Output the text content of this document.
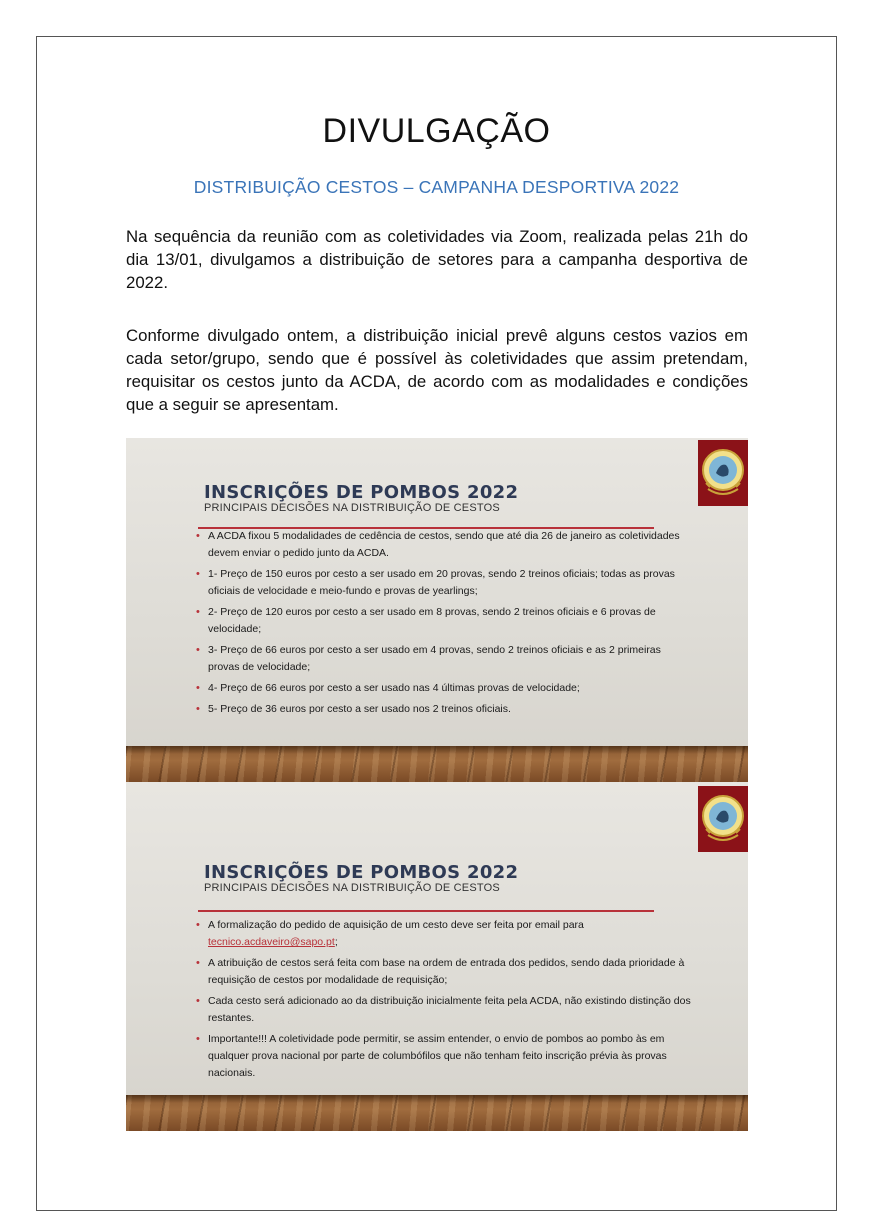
DIVULGAÇÃO
DISTRIBUIÇÃO CESTOS – CAMPANHA DESPORTIVA 2022
Na sequência da reunião com as coletividades via Zoom, realizada pelas 21h do dia 13/01, divulgamos a distribuição de setores para a campanha desportiva de 2022.
Conforme divulgado ontem, a distribuição inicial prevê alguns cestos vazios em cada setor/grupo, sendo que é possível às coletividades que assim pretendam, requisitar os cestos junto da ACDA, de acordo com as modalidades e condições que a seguir se apresentam.
INSCRIÇÕES DE POMBOS 2022
PRINCIPAIS DECISÕES NA DISTRIBUIÇÃO DE CESTOS
• A ACDA fixou 5 modalidades de cedência de cestos, sendo que até dia 26 de janeiro as coletividades devem enviar o pedido junto da ACDA.
• 1- Preço de 150 euros por cesto a ser usado em 20 provas, sendo 2 treinos oficiais; todas as provas oficiais de velocidade e meio-fundo e provas de yearlings;
• 2- Preço de 120 euros por cesto a ser usado em 8 provas, sendo 2 treinos oficiais e 6 provas de velocidade;
• 3- Preço de 66 euros por cesto a ser usado em 4 provas, sendo 2 treinos oficiais e as 2 primeiras provas de velocidade;
• 4- Preço de 66 euros por cesto a ser usado nas 4 últimas provas de velocidade;
• 5- Preço de 36 euros por cesto a ser usado nos 2 treinos oficiais.
INSCRIÇÕES DE POMBOS 2022
PRINCIPAIS DECISÕES NA DISTRIBUIÇÃO DE CESTOS
• A formalização do pedido de aquisição de um cesto deve ser feita por email para tecnico.acdaveiro@sapo.pt;
• A atribuição de cestos será feita com base na ordem de entrada dos pedidos, sendo dada prioridade à requisição de cestos por modalidade de requisição;
• Cada cesto será adicionado ao da distribuição inicialmente feita pela ACDA, não existindo distinção dos restantes.
• Importante!!! A coletividade pode permitir, se assim entender, o envio de pombos ao pombo às em qualquer prova nacional por parte de columbófilos que não tenham feito inscrição prévia às provas nacionais.
